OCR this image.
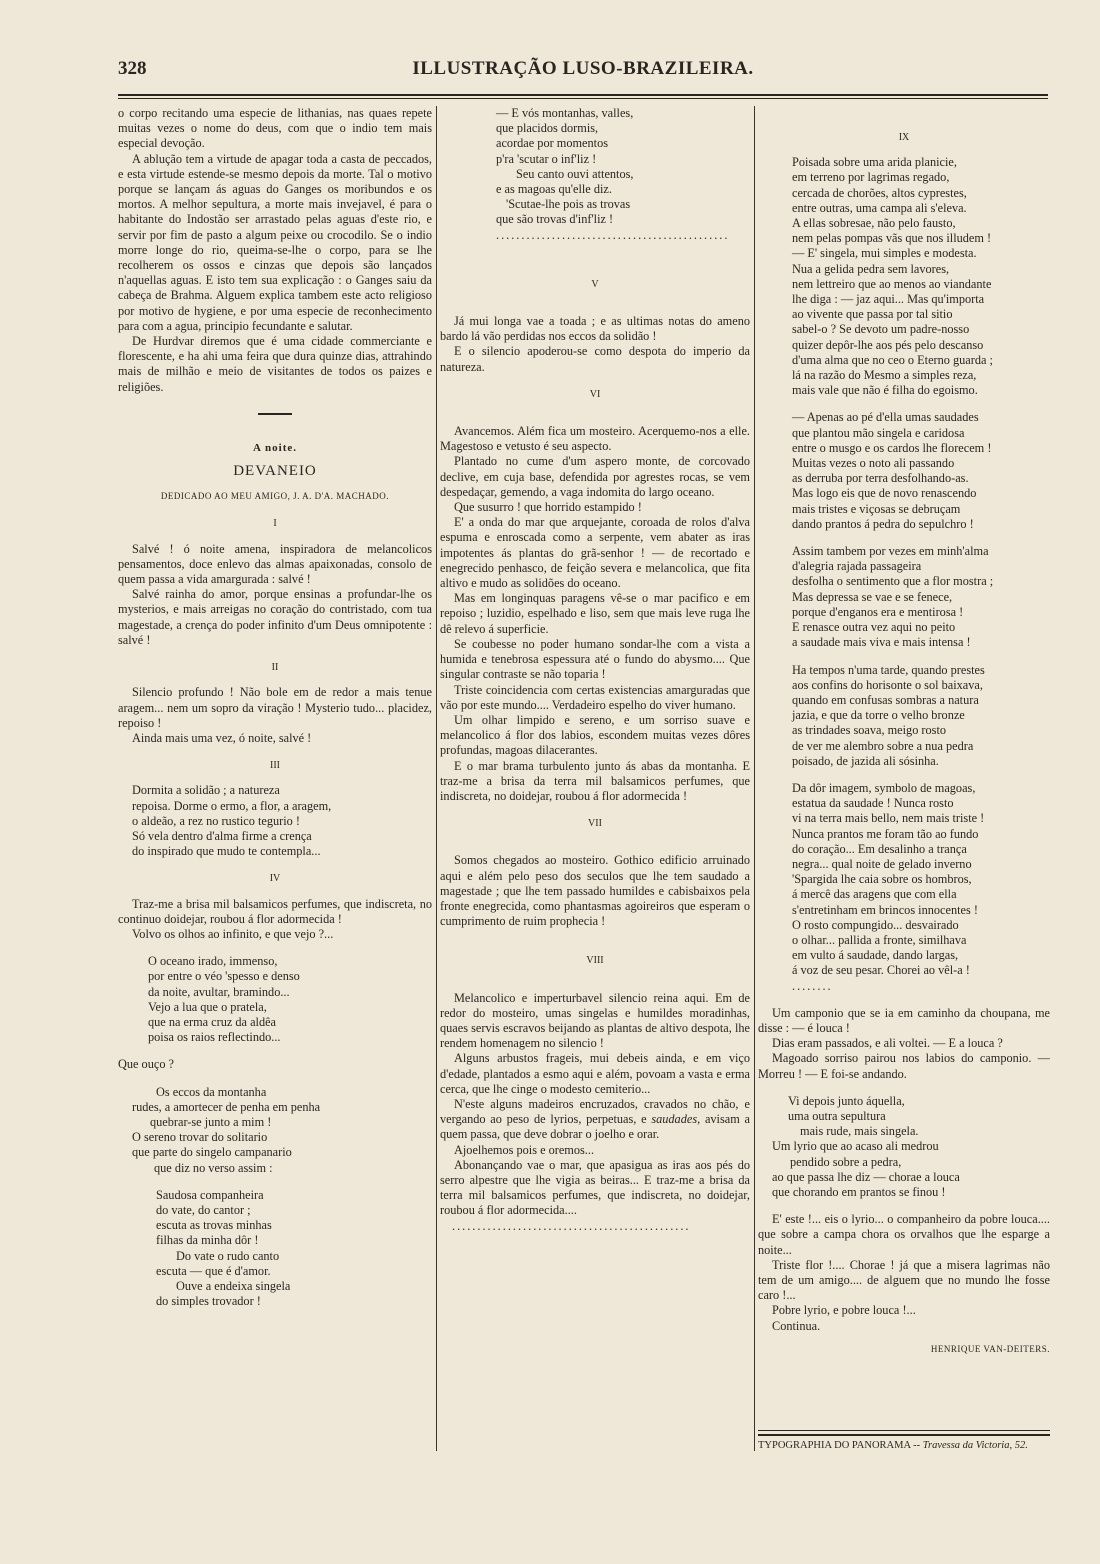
328	ILLUSTRAÇÃO LUSO-BRAZILEIRA.

o corpo recitando uma especie de lithanias, nas quaes repete muitas vezes o nome do deus, com que o indio tem mais especial devoção.

A ablução tem a virtude de apagar toda a casta de peccados, e esta virtude estende-se mesmo depois da morte. Tal o motivo porque se lançam ás aguas do Ganges os moribundos e os mortos. A melhor sepultura, a morte mais invejavel, é para o habitante do Indostão ser arrastado pelas aguas d'este rio, e servir por fim de pasto a algum peixe ou crocodilo. Se o indio morre longe do rio, queima-se-lhe o corpo, para se lhe recolherem os ossos e cinzas que depois são lançados n'aquellas aguas. E isto tem sua explicação : o Ganges saiu da cabeça de Brahma. Alguem explica tambem este acto religioso por motivo de hygiene, e por uma especie de reconhecimento para com a agua, principio fecundante e salutar.

De Hurdvar diremos que é uma cidade commerciante e florescente, e ha ahi uma feira que dura quinze dias, attrahindo mais de milhão e meio de visitantes de todos os paizes e religiões.

A noite.
DEVANEIO
DEDICADO AO MEU AMIGO, J. A. D'A. MACHADO.
I

Salvé ! ó noite amena, inspiradora de melancolicos pensamentos, doce enlevo das almas apaixonadas, consolo de quem passa a vida amargurada : salvé !

Salvé rainha do amor, porque ensinas a profundar-lhe os mysterios, e mais arreigas no coração do contristado, com tua magestade, a crença do poder infinito d'um Deus omnipotente : salvé !

II

Silencio profundo ! Não bole em de redor a mais tenue aragem... nem um sopro da viração ! Mysterio tudo... placidez, repoiso !

Ainda mais uma vez, ó noite, salvé !

III
Dormita a solidão ; a natureza
repoisa. Dorme o ermo, a flor, a aragem,
o aldeão, a rez no rustico tegurio !
Só vela dentro d'alma firme a crença
do inspirado que mudo te contempla...
IV

Traz-me a brisa mil balsamicos perfumes, que indiscreta, no continuo doidejar, roubou á flor adormecida !

Volvo os olhos ao infinito, e que vejo ?...

O oceano irado, immenso,
por entre o véo 'spesso e denso
da noite, avultar, bramindo...
Vejo a lua que o pratela,
que na erma cruz da aldêa
poisa os raios reflectindo...
Que ouço ?
Os eccos da montanha
rudes, a amortecer de penha em penha
quebrar-se junto a mim !
O sereno trovar do solitario
que parte do singelo campanario
que diz no verso assim :
Saudosa companheira
do vate, do cantor ;
escuta as trovas minhas
filhas da minha dôr !
Do vate o rudo canto
escuta — que é d'amor.
Ouve a endeixa singela
do simples trovador !
— E vós montanhas, valles,
que placidos dormis,
acordae por momentos
p'ra 'scutar o inf'liz !
Seu canto ouvi attentos,
e as magoas qu'elle diz.
'Scutae-lhe pois as trovas
que são trovas d'inf'liz !
..............................................
V

Já mui longa vae a toada ; e as ultimas notas do ameno bardo lá vão perdidas nos eccos da solidão !

E o silencio apoderou-se como despota do imperio da natureza.

VI

Avancemos. Além fica um mosteiro. Acerquemo-nos a elle. Magestoso e vetusto é seu aspecto.

Plantado no cume d'um aspero monte, de corcovado declive, em cuja base, defendida por agrestes rocas, se vem despedaçar, gemendo, a vaga indomita do largo oceano.

Que susurro ! que horrido estampido !

E' a onda do mar que arquejante, coroada de rolos d'alva espuma e enroscada como a serpente, vem abater as iras impotentes ás plantas do grã-senhor ! — de recortado e enegrecido penhasco, de feição severa e melancolica, que fita altivo e mudo as solidões do oceano.

Mas em longinquas paragens vê-se o mar pacifico e em repoiso ; luzidio, espelhado e liso, sem que mais leve ruga lhe dê relevo á superficie.

Se coubesse no poder humano sondar-lhe com a vista a humida e tenebrosa espessura até o fundo do abysmo.... Que singular contraste se não toparia !

Triste coincidencia com certas existencias amarguradas que vão por este mundo.... Verdadeiro espelho do viver humano.

Um olhar limpido e sereno, e um sorriso suave e melancolico á flor dos labios, escondem muitas vezes dôres profundas, magoas dilacerantes.

E o mar brama turbulento junto ás abas da montanha. E traz-me a brisa da terra mil balsamicos perfumes, que indiscreta, no doidejar, roubou á flor adormecida !

VII

Somos chegados ao mosteiro. Gothico edificio arruinado aqui e além pelo peso dos seculos que lhe tem saudado a magestade ; que lhe tem passado humildes e cabisbaixos pela fronte enegrecida, como phantasmas agoireiros que esperam o cumprimento de ruim prophecia !

VIII

Melancolico e imperturbavel silencio reina aqui. Em de redor do mosteiro, umas singelas e humildes moradinhas, quaes servis escravos beijando as plantas de altivo despota, lhe rendem homenagem no silencio !

Alguns arbustos frageis, mui debeis ainda, e em viço d'edade, plantados a esmo aqui e além, povoam a vasta e erma cerca, que lhe cinge o modesto cemiterio...

N'este alguns madeiros encruzados, cravados no chão, e vergando ao peso de lyrios, perpetuas, e saudades, avisam a quem passa, que deve dobrar o joelho e orar.

Ajoelhemos pois e oremos...

Abonançando vae o mar, que apasigua as iras aos pés do serro alpestre que lhe vigia as beiras... E traz-me a brisa da terra mil balsamicos perfumes, que indiscreta, no doidejar, roubou á flor adormecida....

...............................................
IX
Poisada sobre uma arida planicie,
em terreno por lagrimas regado,
cercada de chorões, altos cyprestes,
entre outras, uma campa ali s'eleva.
A ellas sobresae, não pelo fausto,
nem pelas pompas vãs que nos illudem !
— E' singela, mui simples e modesta.
Nua a gelida pedra sem lavores,
nem lettreiro que ao menos ao viandante
lhe diga : — jaz aqui... Mas qu'importa
ao vivente que passa por tal sitio
sabel-o ? Se devoto um padre-nosso
quizer depôr-lhe aos pés pelo descanso
d'uma alma que no ceo o Eterno guarda ;
lá na razão do Mesmo a simples reza,
mais vale que não é filha do egoismo.
— Apenas ao pé d'ella umas saudades
que plantou mão singela e caridosa
entre o musgo e os cardos lhe florecem !
Muitas vezes o noto ali passando
as derruba por terra desfolhando-as.
Mas logo eis que de novo renascendo
mais tristes e viçosas se debruçam
dando prantos á pedra do sepulchro !
Assim tambem por vezes em minh'alma
d'alegria rajada passageira
desfolha o sentimento que a flor mostra ;
Mas depressa se vae e se fenece,
porque d'enganos era e mentirosa !
E renasce outra vez aqui no peito
a saudade mais viva e mais intensa !
Ha tempos n'uma tarde, quando prestes
aos confins do horisonte o sol baixava,
quando em confusas sombras a natura
jazia, e que da torre o velho bronze
as trindades soava, meigo rosto
de ver me alembro sobre a nua pedra
poisado, de jazida ali sósinha.
Da dôr imagem, symbolo de magoas,
estatua da saudade ! Nunca rosto
vi na terra mais bello, nem mais triste !
Nunca prantos me foram tão ao fundo
do coração... Em desalinho a trança
negra... qual noite de gelado inverno
'Spargida lhe caia sobre os hombros,
á mercê das aragens que com ella
s'entretinham em brincos innocentes !
O rosto compungido... desvairado
o olhar... pallida a fronte, similhava
em vulto á saudade, dando largas,
á voz de seu pesar. Chorei ao vêl-a !
........

Um camponio que se ia em caminho da choupana, me disse : — é louca !

Dias eram passados, e ali voltei. — E a louca ?

Magoado sorriso pairou nos labios do camponio. — Morreu ! — E foi-se andando.

Vi depois junto áquella,
uma outra sepultura
mais rude, mais singela.
Um lyrio que ao acaso ali medrou
pendido sobre a pedra,
ao que passa lhe diz — chorae a louca
que chorando em prantos se finou !

E' este !... eis o lyrio... o companheiro da pobre louca.... que sobre a campa chora os orvalhos que lhe esparge a noite...

Triste flor !.... Chorae ! já que a misera lagrimas não tem de um amigo.... de alguem que no mundo lhe fosse caro !...

Pobre lyrio, e pobre louca !...

Continua.

HENRIQUE VAN-DEITERS.
TYPOGRAPHIA DO PANORAMA -- Travessa da Victoria, 52.
